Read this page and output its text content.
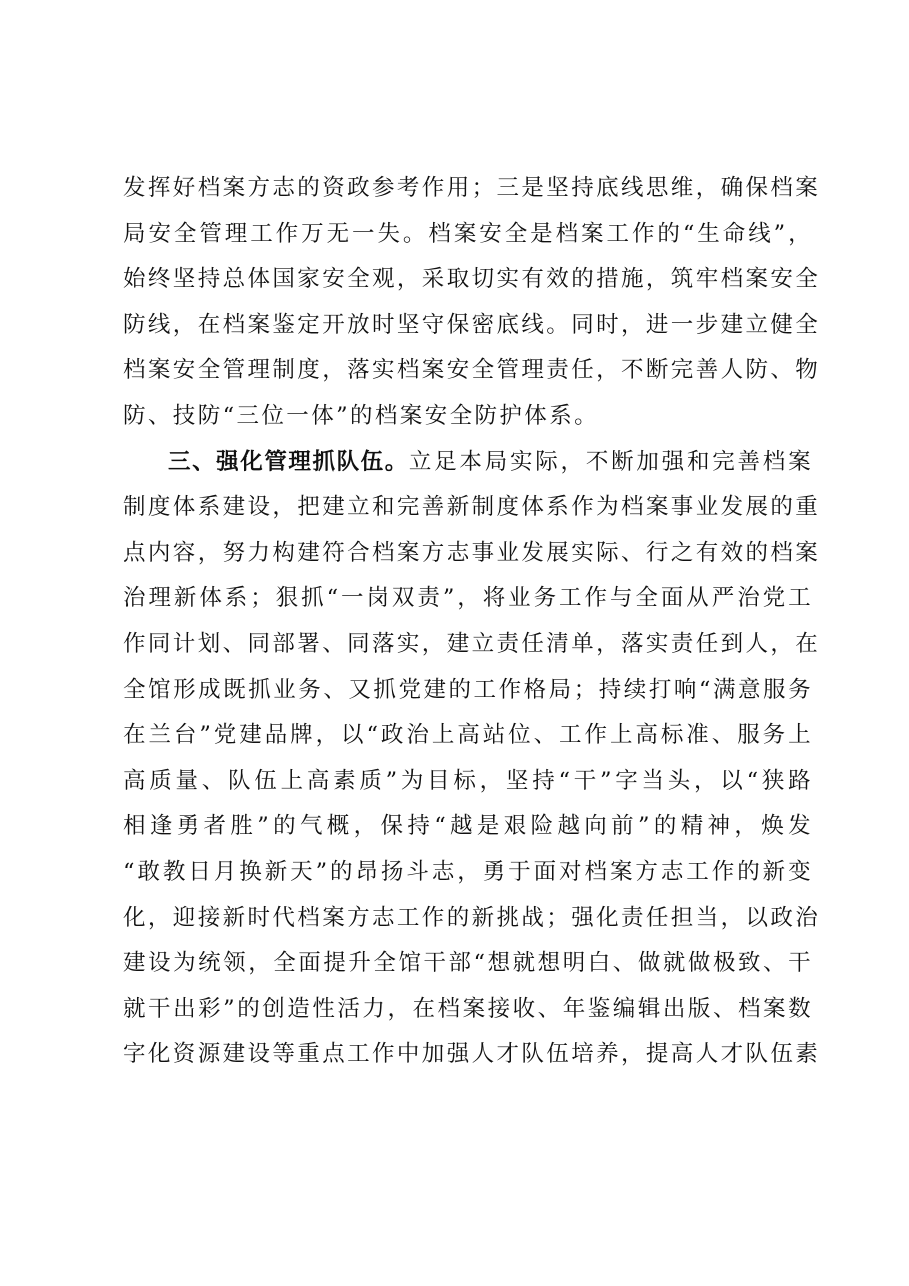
发挥好档案方志的资政参考作用；三是坚持底线思维，确保档案
局安全管理工作万无一失。档案安全是档案工作的“生命线”，
始终坚持总体国家安全观，采取切实有效的措施，筑牢档案安全
防线，在档案鉴定开放时坚守保密底线。同时，进一步建立健全
档案安全管理制度，落实档案安全管理责任，不断完善人防、物
防、技防“三位一体”的档案安全防护体系。
三、强化管理抓队伍。立足本局实际，不断加强和完善档案
制度体系建设，把建立和完善新制度体系作为档案事业发展的重
点内容，努力构建符合档案方志事业发展实际、行之有效的档案
治理新体系；狠抓“一岗双责”，将业务工作与全面从严治党工
作同计划、同部署、同落实，建立责任清单，落实责任到人，在
全馆形成既抓业务、又抓党建的工作格局；持续打响“满意服务
在兰台”党建品牌，以“政治上高站位、工作上高标准、服务上
高质量、队伍上高素质”为目标，坚持“干”字当头，以“狭路
相逢勇者胜”的气概，保持“越是艰险越向前”的精神，焕发
“敢教日月换新天”的昂扬斗志，勇于面对档案方志工作的新变
化，迎接新时代档案方志工作的新挑战；强化责任担当，以政治
建设为统领，全面提升全馆干部“想就想明白、做就做极致、干
就干出彩”的创造性活力，在档案接收、年鉴编辑出版、档案数
字化资源建设等重点工作中加强人才队伍培养，提高人才队伍素
